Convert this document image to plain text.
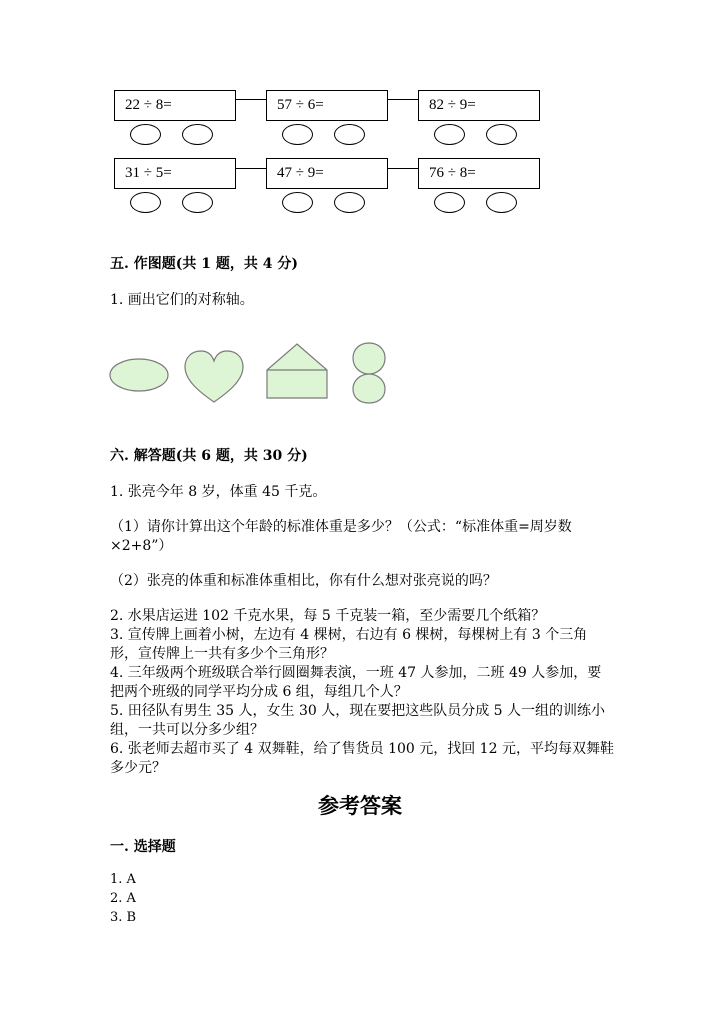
22 ÷ 8=	57 ÷ 6=	82 ÷ 9=
31 ÷ 5=	47 ÷ 9=	76 ÷ 8=
五. 作图题(共 1 题，共 4 分)
1. 画出它们的对称轴。
六. 解答题(共 6 题，共 30 分)
1. 张亮今年 8 岁，体重 45 千克。
（1）请你计算出这个年龄的标准体重是多少？（公式：“标准体重=周岁数
×2+8”）
（2）张亮的体重和标准体重相比，你有什么想对张亮说的吗？
2. 水果店运进 102 千克水果，每 5 千克装一箱，至少需要几个纸箱？
3. 宣传牌上画着小树，左边有 4 棵树，右边有 6 棵树，每棵树上有 3 个三角
形，宣传牌上一共有多少个三角形？
4. 三年级两个班级联合举行圆圈舞表演，一班 47 人参加，二班 49 人参加，要
把两个班级的同学平均分成 6 组，每组几个人？
5. 田径队有男生 35 人，女生 30 人，现在要把这些队员分成 5 人一组的训练小
组，一共可以分多少组？
6. 张老师去超市买了 4 双舞鞋，给了售货员 100 元，找回 12 元，平均每双舞鞋
多少元？
参考答案
一. 选择题
1. A
2. A
3. B
